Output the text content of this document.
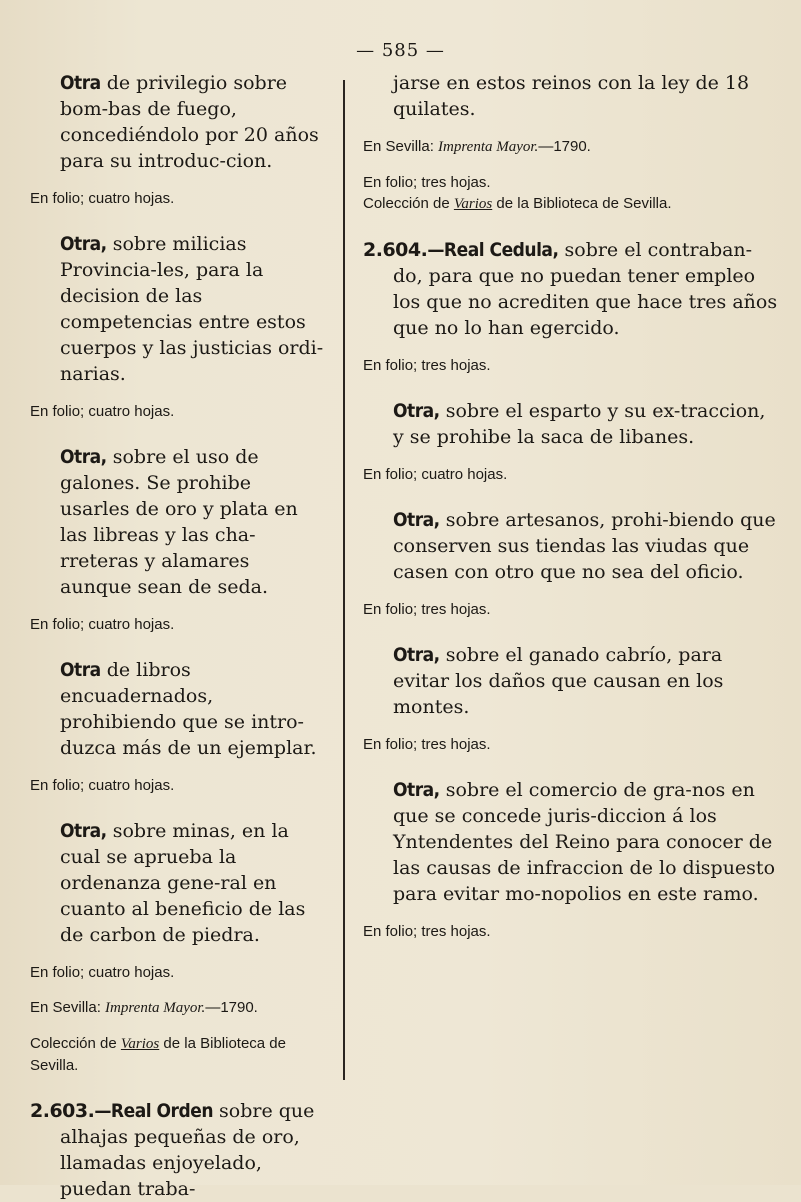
— 585 —

Otra de privilegio sobre bom-bas de fuego, concediéndolo por 20 años para su introduc-cion.

En folio; cuatro hojas.

Otra, sobre milicias Provincia-les, para la decision de las competencias entre estos cuerpos y las justicias ordi-narias.

En folio; cuatro hojas.

Otra, sobre el uso de galones. Se prohibe usarles de oro y plata en las libreas y las cha-rreteras y alamares aunque sean de seda.

En folio; cuatro hojas.

Otra de libros encuadernados, prohibiendo que se intro-duzca más de un ejemplar.

En folio; cuatro hojas.

Otra, sobre minas, en la cual se aprueba la ordenanza gene-ral en cuanto al beneficio de las de carbon de piedra.

En folio; cuatro hojas.

En Sevilla: Imprenta Mayor.—1790.

Colección de Varios de la Biblioteca de Sevilla.

2.603.—Real Orden sobre que alhajas pequeñas de oro, llamadas enjoyelado, puedan traba-

jarse en estos reinos con la ley de 18 quilates.

En Sevilla: Imprenta Mayor.—1790.

En folio; tres hojas.

Colección de Varios de la Biblioteca de Sevilla.

2.604.—Real Cedula, sobre el contraban-do, para que no puedan tener empleo los que no acrediten que hace tres años que no lo han egercido.

En folio; tres hojas.

Otra, sobre el esparto y su ex-traccion, y se prohibe la saca de libanes.

En folio; cuatro hojas.

Otra, sobre artesanos, prohi-biendo que conserven sus tiendas las viudas que casen con otro que no sea del oficio.

En folio; tres hojas.

Otra, sobre el ganado cabrío, para evitar los daños que causan en los montes.

En folio; tres hojas.

Otra, sobre el comercio de gra-nos en que se concede juris-diccion á los Yntendentes del Reino para conocer de las causas de infraccion de lo dispuesto para evitar mo-nopolios en este ramo.

En folio; tres hojas.
